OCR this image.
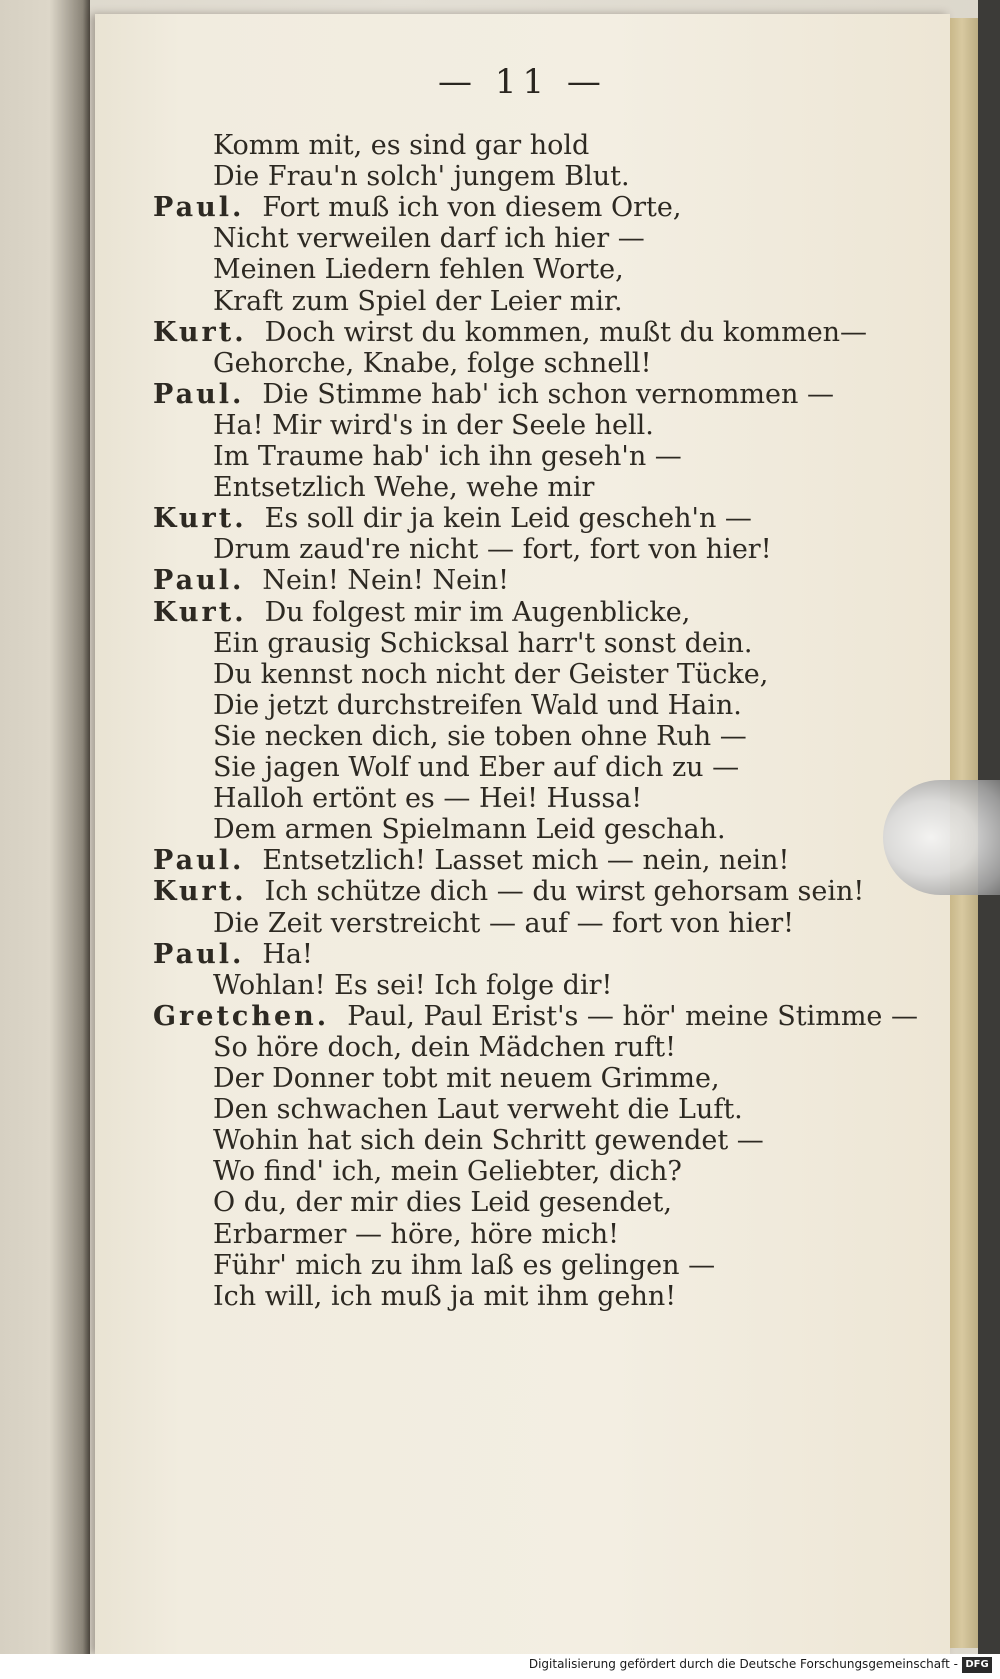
— 11 —
Komm mit, es sind gar hold
Die Frau'n solch' jungem Blut.
Paul. Fort muß ich von diesem Orte,
Nicht verweilen darf ich hier —
Meinen Liedern fehlen Worte,
Kraft zum Spiel der Leier mir.
Kurt. Doch wirst du kommen, mußt du kommen—
Gehorche, Knabe, folge schnell!
Paul. Die Stimme hab' ich schon vernommen —
Ha! Mir wird's in der Seele hell.
Im Traume hab' ich ihn geseh'n —
Entsetzlich Wehe, wehe mir
Kurt. Es soll dir ja kein Leid gescheh'n —
Drum zaud're nicht — fort, fort von hier!
Paul. Nein! Nein! Nein!
Kurt. Du folgest mir im Augenblicke,
Ein grausig Schicksal harr't sonst dein.
Du kennst noch nicht der Geister Tücke,
Die jetzt durchstreifen Wald und Hain.
Sie necken dich, sie toben ohne Ruh —
Sie jagen Wolf und Eber auf dich zu —
Halloh ertönt es — Hei! Hussa!
Dem armen Spielmann Leid geschah.
Paul. Entsetzlich! Lasset mich — nein, nein!
Kurt. Ich schütze dich — du wirst gehorsam sein!
Die Zeit verstreicht — auf — fort von hier!
Paul. Ha!
Wohlan! Es sei! Ich folge dir!
Gretchen. Paul, Paul Erist's — hör' meine Stimme —
So höre doch, dein Mädchen ruft!
Der Donner tobt mit neuem Grimme,
Den schwachen Laut verweht die Luft.
Wohin hat sich dein Schritt gewendet —
Wo find' ich, mein Geliebter, dich?
O du, der mir dies Leid gesendet,
Erbarmer — höre, höre mich!
Führ' mich zu ihm laß es gelingen —
Ich will, ich muß ja mit ihm gehn!
Digitalisierung gefördert durch die Deutsche Forschungsgemeinschaft - DFG
